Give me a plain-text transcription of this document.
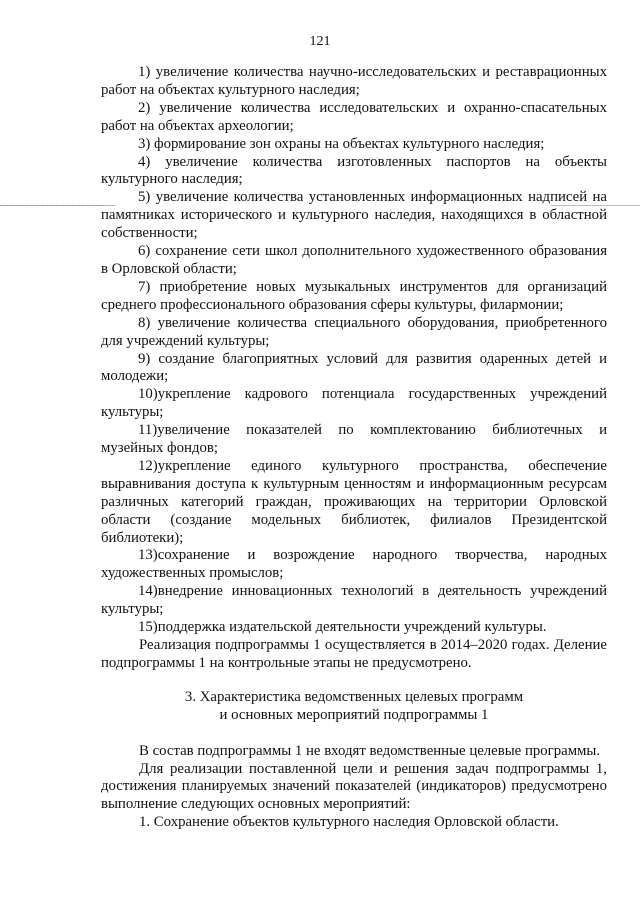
121

1) увеличение количества научно-исследовательских и реставрационных работ на объектах культурного наследия;

2) увеличение количества исследовательских и охранно-спасательных работ на объектах археологии;

3) формирование зон охраны на объектах культурного наследия;

4) увеличение количества изготовленных паспортов на объекты культурного наследия;

5) увеличение количества установленных информационных надписей на памятниках исторического и культурного наследия, находящихся в областной собственности;

6) сохранение сети школ дополнительного художественного образования в Орловской области;

7) приобретение новых музыкальных инструментов для организаций среднего профессионального образования сферы культуры, филармонии;

8) увеличение количества специального оборудования, приобретенного для учреждений культуры;

9) создание благоприятных условий для развития одаренных детей и молодежи;

10)укрепление кадрового потенциала государственных учреждений культуры;

11)увеличение показателей по комплектованию библиотечных и музейных фондов;

12)укрепление единого культурного пространства, обеспечение выравнивания доступа к культурным ценностям и информационным ресурсам различных категорий граждан, проживающих на территории Орловской области (создание модельных библиотек, филиалов Президентской библиотеки);

13)сохранение и возрождение народного творчества, народных художественных промыслов;

14)внедрение инновационных технологий в деятельность учреждений культуры;

15)поддержка издательской деятельности учреждений культуры.

Реализация подпрограммы 1 осуществляется в 2014–2020 годах. Деление подпрограммы 1 на контрольные этапы не предусмотрено.

3. Характеристика ведомственных целевых программ
и основных мероприятий подпрограммы 1

В состав подпрограммы 1 не входят ведомственные целевые программы.

Для реализации поставленной цели и решения задач подпрограммы 1, достижения планируемых значений показателей (индикаторов) предусмотрено выполнение следующих основных мероприятий:

1. Сохранение объектов культурного наследия Орловской области.
